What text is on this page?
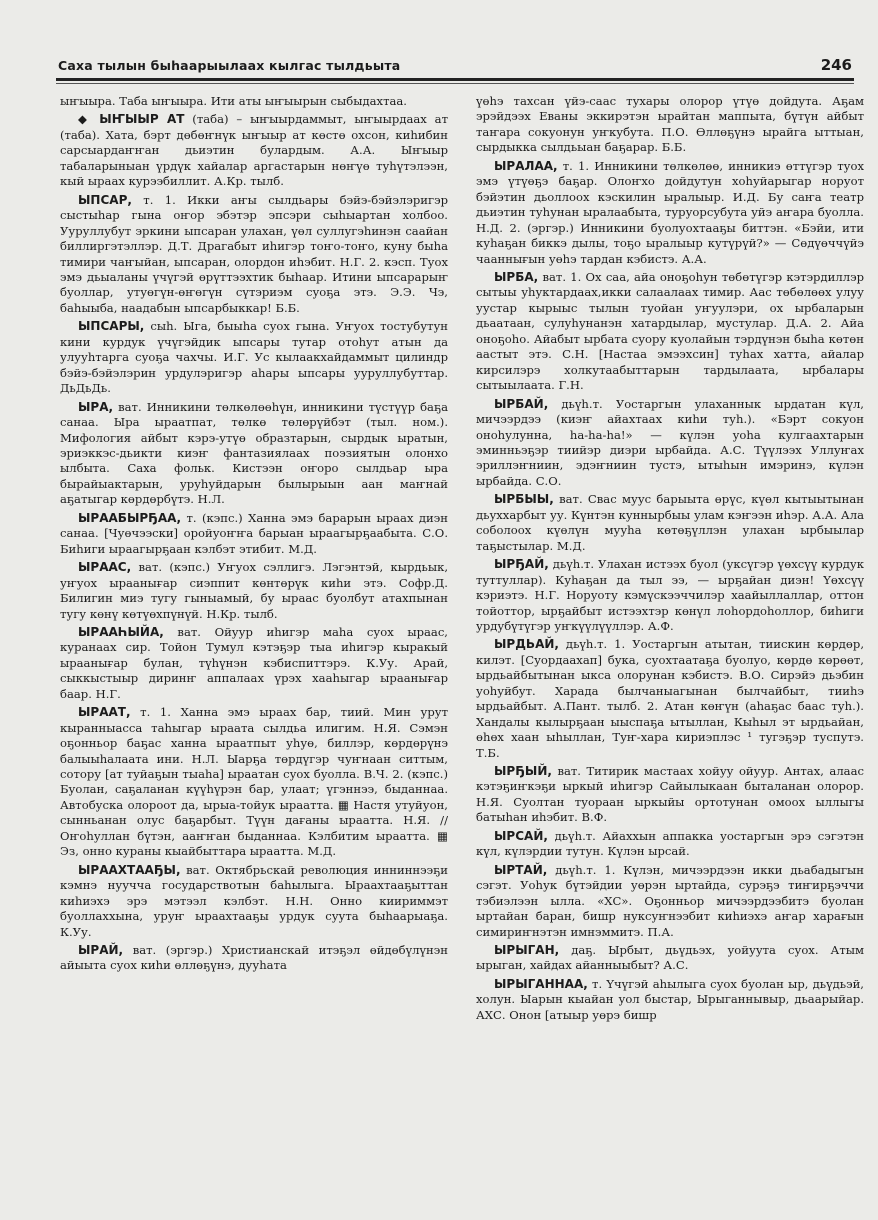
Саха тылын быһаарыылаах кылгас тылдьыта	246

ыҥыыра. Таба ыҥыыра. Ити аты ыҥыырын сыбыдахтаа.

◆ ЫҤЫЫР АТ (таба) – ыҥыырдаммыт, ыҥыырдаах ат (таба). Хата, бэрт дөбөҥнүк ыҥыыр ат көстө охсон, киһибин сарсыардаҥҥан дьиэтин булардым. А.А. Ыҥыыр табаларыныан үрдүк хайалар аргастарын нөҥүө туһүтэлээн, кый ыраах курээбиллит. А.Кр. тылб.

ЫПСАР, т. 1. Икки аҥы сылдьары бэйэ-бэйэлэригэр сыстыһар гына оҥор эбэтэр эпсэри сыһыартан холбоо. Ууруллубут эркини ыпсаран улахан, үөл суллугэһинэн саайан биллиргэтэллэр. Д.Т. Драгабыт иһигэр тоҥо-тоҥо, куну быһа тимири чаҥыйан, ыпсаран, олордон иһэбит. Н.Г. 2. кэсп. Туох эмэ дьыаланы үчүгэй өрүттээхтик быһаар. Итини ыпсарарыҥ буоллар, утуөгүн-өҥөгүн сүтэриэм суоҕа этэ. Э.Э. Чэ, баһыыба, наадабын ыпсарбыккар! Б.Б.

ЫПСАРЫ, сыһ. Ыга, быыһа суох гына. Уҥуох тостубутун кини курдук үчүгэйдик ыпсары тутар отоһут атын да улууһтарга суоҕа чахчы. И.Г. Ус кылаакхайдаммыт цилиндр бэйэ-бэйэлэрин урдулэригэр аһары ыпсары ууруллубуттар. ДьДьДь.

ЫРА, ват. Инникини төлкөлөөһүн, инникини түстүүр баҕа санаа. Ыра ыраатпат, төлкө төлөрүйбэт (тыл. ном.). Мифология айбыт кэрэ-утүө образтарын, сырдык ыратын, эриэккэс-дьикти киэҥ фантазиялаах поэзиятын олонхо ылбыта. Саха фольк. Кистээн оҥоро сылдьар ыра бырайыактарын, уруһуйдарын былырыын аан маҥнай аҕатыгар көрдөрбүтэ. Н.Л.

ЫРААБЫРҔАА, т. (кэпс.) Ханна эмэ барарын ыраах диэн санаа. [Чуөчээски] оройуоҥҥа барыан ыраагырҕаабыта. С.О. Биһиги ыраагырҕаан кэлбэт этибит. М.Д.

ЫРААС, ват. (кэпс.) Уҥуох сэллигэ. Лэгэнтэй, кырдьык, уҥуох ыраанығар сиэппит көнтөрүк киһи этэ. Софр.Д. Билигин миэ тугу гыныамый, бу ыраас буолбут атахпынан тугу көнү көтүөхпүнүй. Н.Кр. тылб.

ЫРААҺЫЙА, ват. Ойуур иһигэр маһа суох ыраас, куранаах сир. Тойон Тумул кэтэҕэр тыа иһигэр кыракый ыраанығар булан, түһүнэн кэбиспиттэрэ. К.Уу. Арай, сыккыстыыр диринҥ аппалаах үрэх хааһыгар ыраанығар баар. Н.Г.

ЫРААТ, т. 1. Ханна эмэ ыраах бар, тиий. Мин урут кыранныасса таһыгар ыраата сылдьа илигим. Н.Я. Сэмэн оҕонньор баҕас ханна ыраатпыт уһуө, биллэр, көрдөрүнэ балыыһалаата ини. Н.Л. Ыарҕа төрдүгэр чуҥнаан ситтым, сотору [ат туйаҕын тыаһа] ыраатан суох буолла. В.Ч. 2. (кэпс.) Буолан, саҕаланан күүһүрэн бар, улаат; үгэннээ, быданнаа. Автобуска олороот да, ырыа-тойук ыраатта. ▦ Настя утуйуон, сынньанан олус баҕарбыт. Түүн дағаны ыраатта. Н.Я. // Оҥоһуллан бүтэн, ааҥҥан быданнаа. Кэлбитим ыраатта. ▦ Эз, онно кураны кыайбыттара ыраатта. М.Д.

ЫРААХТААҔЫ, ват. Октябрьскай революция инниннээҕи кэмнэ нууччa государствотын баһылыга. Ыраахтааҕыттан киһиэхэ эрэ мэтээл кэлбэт. Н.Н. Онно киириммэт буоллаххына, уруҥ ыраахтааҕы урдук суута быһаарыаҕа. К.Уу.

ЫРАЙ, ват. (эргэр.) Христианскай итэҕэл өйдөбүлүнэн айыыта суох киһи өллөҕүнэ, дууһата

үөһэ тахсан үйэ-саас тухары олорор үтүө дойдута. Аҕам эрэйдээх Еваны эккирэтэн ырайтан маппыта, бүтүн айбыт таҥара сокуонун уҥкубута. П.О. Өллөҕүнэ ырайга ыттыан, сырдыкка сылдьыан баҕарар. Б.Б.

ЫРАЛАА, т. 1. Инникини төлкөлөө, инникиэ өттүгэр туох эмэ үтүөҕэ баҕар. Олоҥхо дойдутун хоһуйарыгар норуот бэйэтин дьоллоох кэскилин ыралыыр. И.Д. Бу саҥа театр дьиэтин туһунан ыралаабыта, туруорсубута уйэ аҥара буолла. Н.Д. 2. (эргэр.) Инникини буолуохтааҕы биттэн. «Бэйи, ити куһаҕан биккэ дылы, тоҕо ыралыыр кутүрүй?» — Сөдүөччүйэ чааннығын уөһэ тардан кэбистэ. А.А.

ЫРБА, ват. 1. Ох саа, айа оноҕоһун төбөтүгэр кэтэрдиллэр сытыы уһуктардаах,икки салаалаах тимир. Аас төбөлөөх улуу уустар кырыыс тылын туойан уҥуулэри, ох ырбаларын дьаатаан, сулуһунанэн хатардылар, мустулар. Д.А. 2. Айа оноҕоһо. Айабыт ырбата суору куолайын тэрдүнэн быһа көтөн аастыт этэ. С.Н. [Настаа эмээхсин] туһах хатта, айалар кирсилэрэ холкутаабыттарын тардылаата, ырбалары сытыылаата. Г.Н.

ЫРБАЙ, дьүһ.т. Уостаргын улаханнык ырдатан күл, мичээрдээ (киэҥ айахтаах киһи туһ.). «Бэрт сокуон оноһулунна, ha-ha-ha!» — күлэн уоһа кулгаахтарын эминньэҕэр тиийэр диэри ырбайда. А.С. Түүлээх Уллуҥах эриллэҥниин, эдэҥниин тустэ, ытыһын имэринэ, күлэн ырбайда. С.О.

ЫРБЫЫ, ват. Свас муус барыыта өрүс, күөл кытыытынан дьуххарбыт уу. Күнтэн куннырбыы улам кэҥээн иһэр. А.А. Ала соболоох күөлүн мууһа көтөҕүллэн улахан ырбыылар таҕыстылар. М.Д.

ЫРҔАЙ, дьүһ.т. Улахан истээх буол (уксүгэр үөхсүү курдук туттуллар). Куһаҕан да тыл ээ, — ырҕайан диэн! Үөхсүү кэриэтэ. Н.Г. Норуоту кэмүскээччилэр хаайыллаллар, оттон тойоттор, ырҕайбыт истээхтэр көнүл лоһордоһоллор, биһиги урдубүтүгэр уҥкүүлүүллэр. А.Ф.

ЫРДЬАЙ, дьүһ.т. 1. Уостаргын атытан, тиискин көрдөр, килэт. [Суордаахап] бука, суохтаатаҕа буолуо, көрдө көрөөт, ырдьайбытынан ыкса олорунан кэбистэ. В.О. Сирэйэ дьэбин уоһуйбут. Харада былчаныагынан былчайбыт, тииһэ ырдьайбыт. А.Пант. тылб. 2. Атан көҥүн (аһаҕас баас туһ.). Хандалы кылырҕаан ыыспаҕа ытыллан, Кыһыл эт ырдьайан, өһөх хаан ыһыллан, Туҥ-хара кириэплэс ¹ тугэҕэр туспутэ. Т.Б.

ЫРҔЫЙ, ват. Титирик мастаах хойуу ойуур. Антах, алаас кэтэҕиҥкэҕи ыркый иһигэр Сайылыкаан быталанан олорор. Н.Я. Суолтан туораан ыркыйы ортотунан омоох ыллыгы батыһан иһэбит. В.Ф.

ЫРСАЙ, дьүһ.т. Айаххын аппакка уостаргын эрэ сэгэтэн күл, күлэрдии тутун. Күлэн ырсай.

ЫРТАЙ, дьүһ.т. 1. Күлэн, мичээрдээн икки дьабадыгын сэгэт. Уоһук бүтэйдии уөрэн ыртайда, сурэҕэ тиҥирҕэччи тэбиэлээн ылла. «ХС». Оҕонньор мичээрдээбитэ буолан ыртайан баран, бишр нуксуҥнээбит киһиэхэ аҥар харағын симириҥнэтэн имнэммитэ. П.А.

ЫРЫГАН, даҕ. Ырбыт, дьүдьэх, уойуута суох. Атым ырыган, хайдах айанныыбыт? А.С.

ЫРЫГАННАА, т. Үчүгэй аһылыга суох буолан ыр, дьүдьэй, холун. Ыарын кыайан уол быстар, Ырыганнывыр, дьаарыйар. АХС. Онон [атыыр уөрэ бишр
